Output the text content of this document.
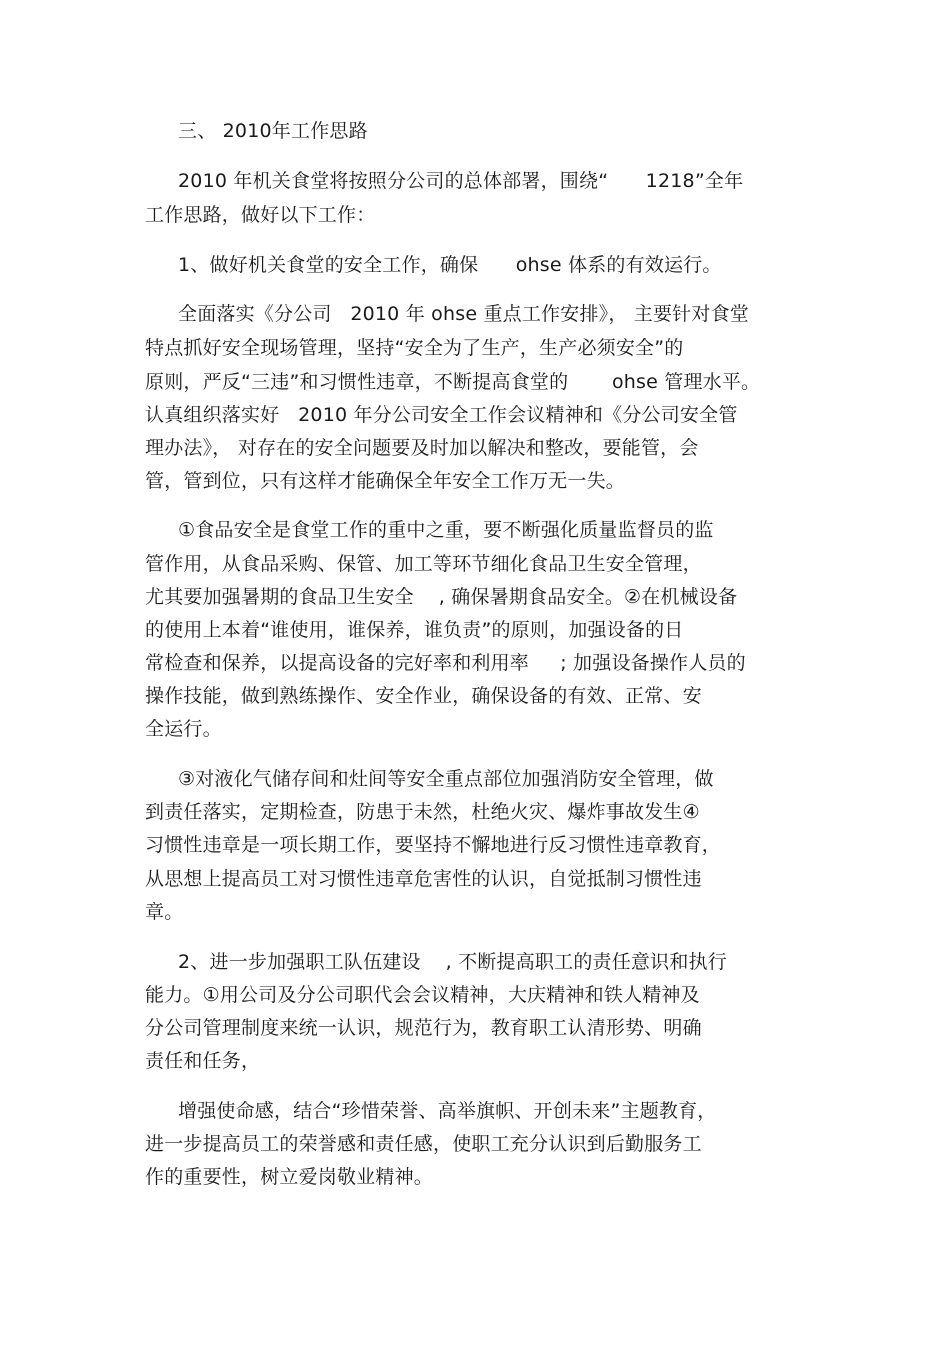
三、 2010年工作思路
2010 年机关食堂将按照分公司的总体部署，围绕“      1218”全年
工作思路，做好以下工作：
1、做好机关食堂的安全工作，确保      ohse 体系的有效运行。
全面落实《分公司   2010 年 ohse 重点工作安排》， 主要针对食堂
特点抓好安全现场管理，坚持“安全为了生产，生产必须安全”的
原则，严反“三违”和习惯性违章，不断提高食堂的       ohse 管理水平。
认真组织落实好   2010 年分公司安全工作会议精神和《分公司安全管
理办法》， 对存在的安全问题要及时加以解决和整改，要能管，会
管，管到位，只有这样才能确保全年安全工作万无一失。
①食品安全是食堂工作的重中之重，要不断强化质量监督员的监
管作用，从食品采购、保管、加工等环节细化食品卫生安全管理，
尤其要加强暑期的食品卫生安全    , 确保暑期食品安全。②在机械设备
的使用上本着“谁使用，谁保养，谁负责”的原则，加强设备的日
常检查和保养，以提高设备的完好率和利用率     ; 加强设备操作人员的
操作技能，做到熟练操作、安全作业，确保设备的有效、正常、安
全运行。
③对液化气储存间和灶间等安全重点部位加强消防安全管理，做
到责任落实，定期检查，防患于未然，杜绝火灾、爆炸事故发生④
习惯性违章是一项长期工作，要坚持不懈地进行反习惯性违章教育，
从思想上提高员工对习惯性违章危害性的认识，自觉抵制习惯性违
章。
2、进一步加强职工队伍建设    , 不断提高职工的责任意识和执行
能力。①用公司及分公司职代会会议精神，大庆精神和铁人精神及
分公司管理制度来统一认识，规范行为，教育职工认清形势、明确
责任和任务，
增强使命感，结合“珍惜荣誉、高举旗帜、开创未来”主题教育，
进一步提高员工的荣誉感和责任感，使职工充分认识到后勤服务工
作的重要性，树立爱岗敬业精神。
